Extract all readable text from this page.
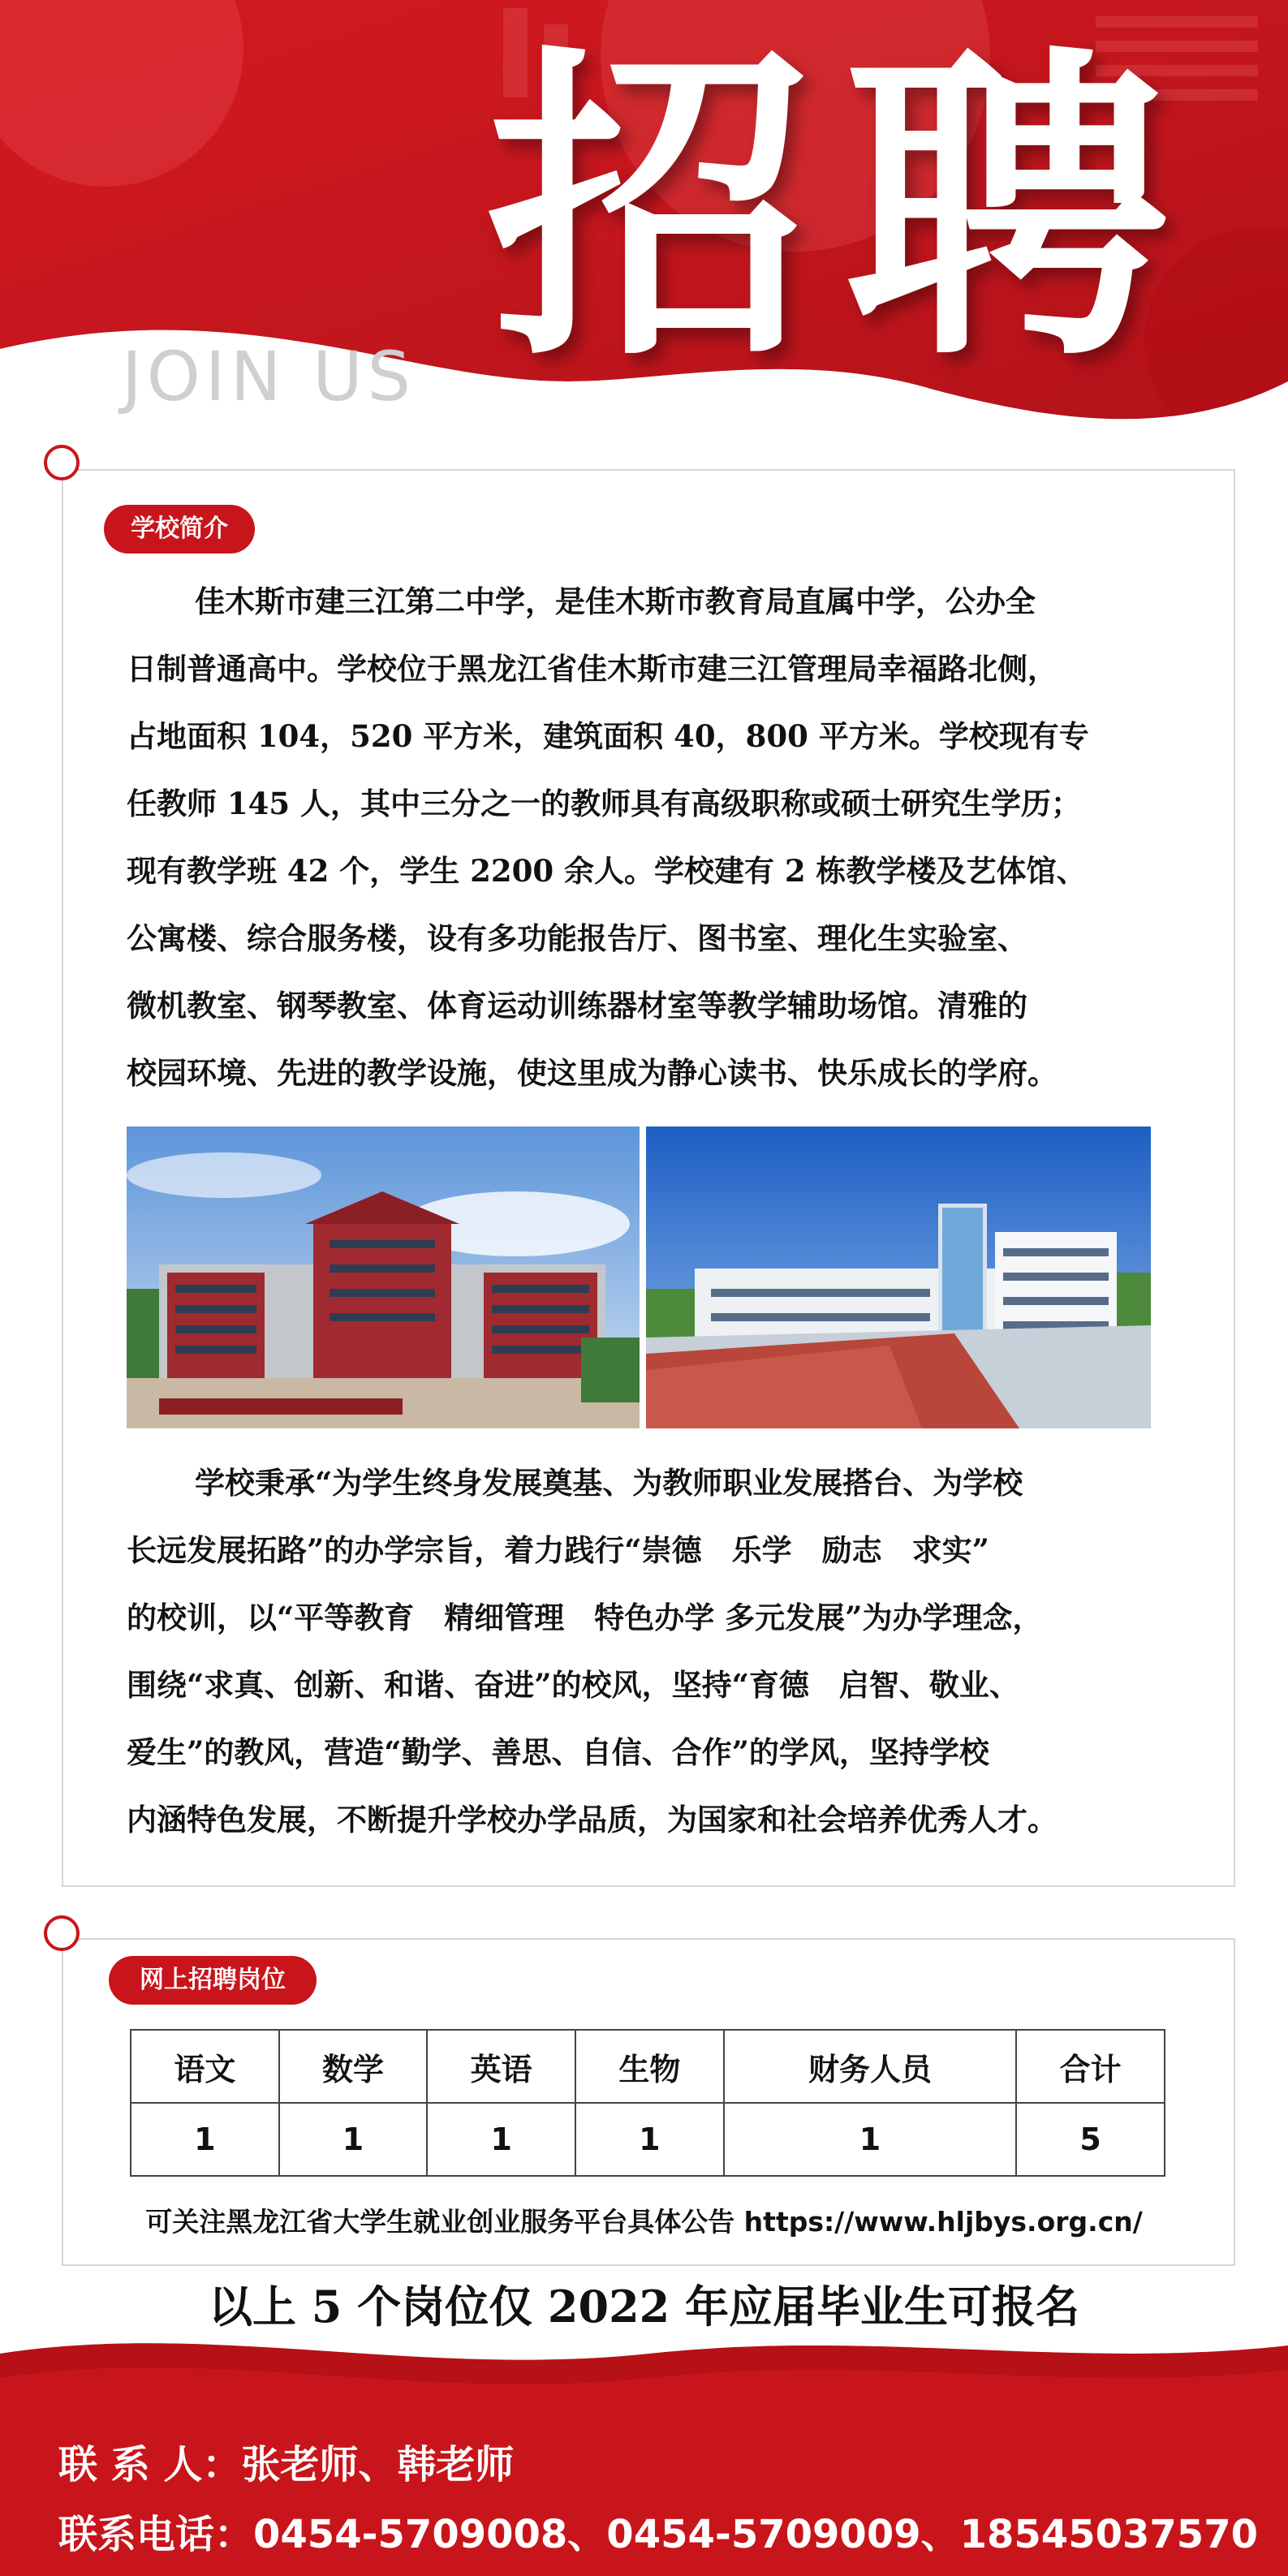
招聘
JOIN US
学校简介
佳木斯市建三江第二中学，是佳木斯市教育局直属中学，公办全
日制普通高中。学校位于黑龙江省佳木斯市建三江管理局幸福路北侧，
占地面积 104，520 平方米，建筑面积 40，800 平方米。学校现有专
任教师 145 人，其中三分之一的教师具有高级职称或硕士研究生学历；
现有教学班 42 个，学生 2200 余人。学校建有 2 栋教学楼及艺体馆、
公寓楼、综合服务楼，设有多功能报告厅、图书室、理化生实验室、
微机教室、钢琴教室、体育运动训练器材室等教学辅助场馆。清雅的
校园环境、先进的教学设施，使这里成为静心读书、快乐成长的学府。
学校秉承“为学生终身发展奠基、为教师职业发展搭台、为学校
长远发展拓路”的办学宗旨，着力践行“崇德　乐学　励志　求实”
的校训，以“平等教育　精细管理　特色办学 多元发展”为办学理念，
围绕“求真、创新、和谐、奋进”的校风，坚持“育德　启智、敬业、
爱生”的教风，营造“勤学、善思、自信、合作”的学风，坚持学校
内涵特色发展，不断提升学校办学品质，为国家和社会培养优秀人才。
网上招聘岗位
语文	数学	英语	生物	财务人员	合计
1	1	1	1	1	5
可关注黑龙江省大学生就业创业服务平台具体公告 https://www.hljbys.org.cn/
以上 5 个岗位仅 2022 年应届毕业生可报名
联 系 人：张老师、韩老师
联系电话：0454-5709008、0454-5709009、18545037570
